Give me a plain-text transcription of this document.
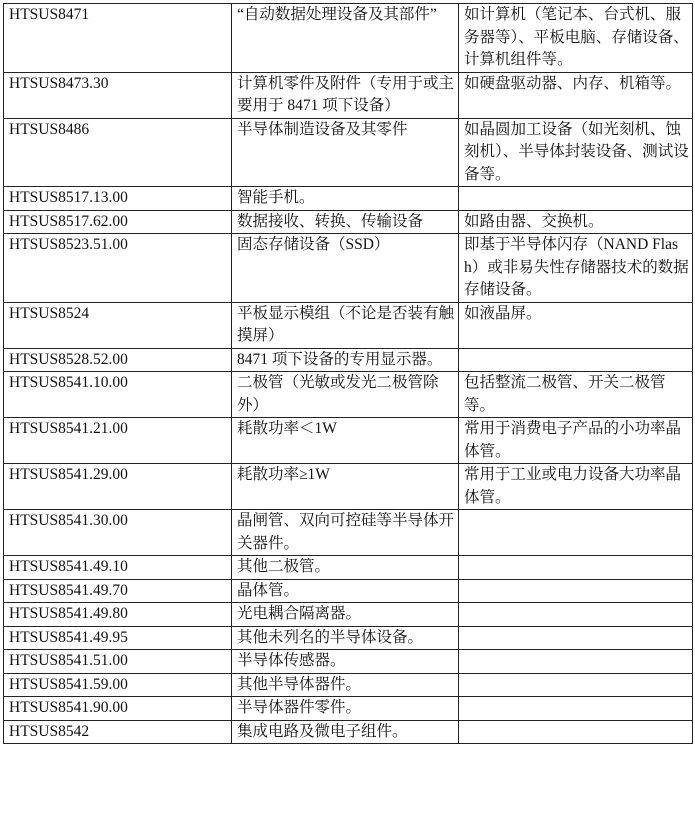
HTSUS8471	“自动数据处理设备及其部件”	如计算机（笔记本、台式机、服务器等）、平板电脑、存储设备、计算机组件等。
HTSUS8473.30	计算机零件及附件（专用于或主要用于 8471 项下设备）	如硬盘驱动器、内存、机箱等。
HTSUS8486	半导体制造设备及其零件	如晶圆加工设备（如光刻机、蚀刻机）、半导体封装设备、测试设备等。
HTSUS8517.13.00	智能手机。	
HTSUS8517.62.00	数据接收、转换、传输设备	如路由器、交换机。
HTSUS8523.51.00	固态存储设备（SSD）	即基于半导体闪存（NAND Flash）或非易失性存储器技术的数据存储设备。
HTSUS8524	平板显示模组（不论是否装有触摸屏）	如液晶屏。
HTSUS8528.52.00	8471 项下设备的专用显示器。	
HTSUS8541.10.00	二极管（光敏或发光二极管除外）	包括整流二极管、开关二极管等。
HTSUS8541.21.00	耗散功率＜1W	常用于消费电子产品的小功率晶体管。
HTSUS8541.29.00	耗散功率≥1W	常用于工业或电力设备大功率晶体管。
HTSUS8541.30.00	晶闸管、双向可控硅等半导体开关器件。	
HTSUS8541.49.10	其他二极管。	
HTSUS8541.49.70	晶体管。	
HTSUS8541.49.80	光电耦合隔离器。	
HTSUS8541.49.95	其他未列名的半导体设备。	
HTSUS8541.51.00	半导体传感器。	
HTSUS8541.59.00	其他半导体器件。	
HTSUS8541.90.00	半导体器件零件。	
HTSUS8542	集成电路及微电子组件。	
